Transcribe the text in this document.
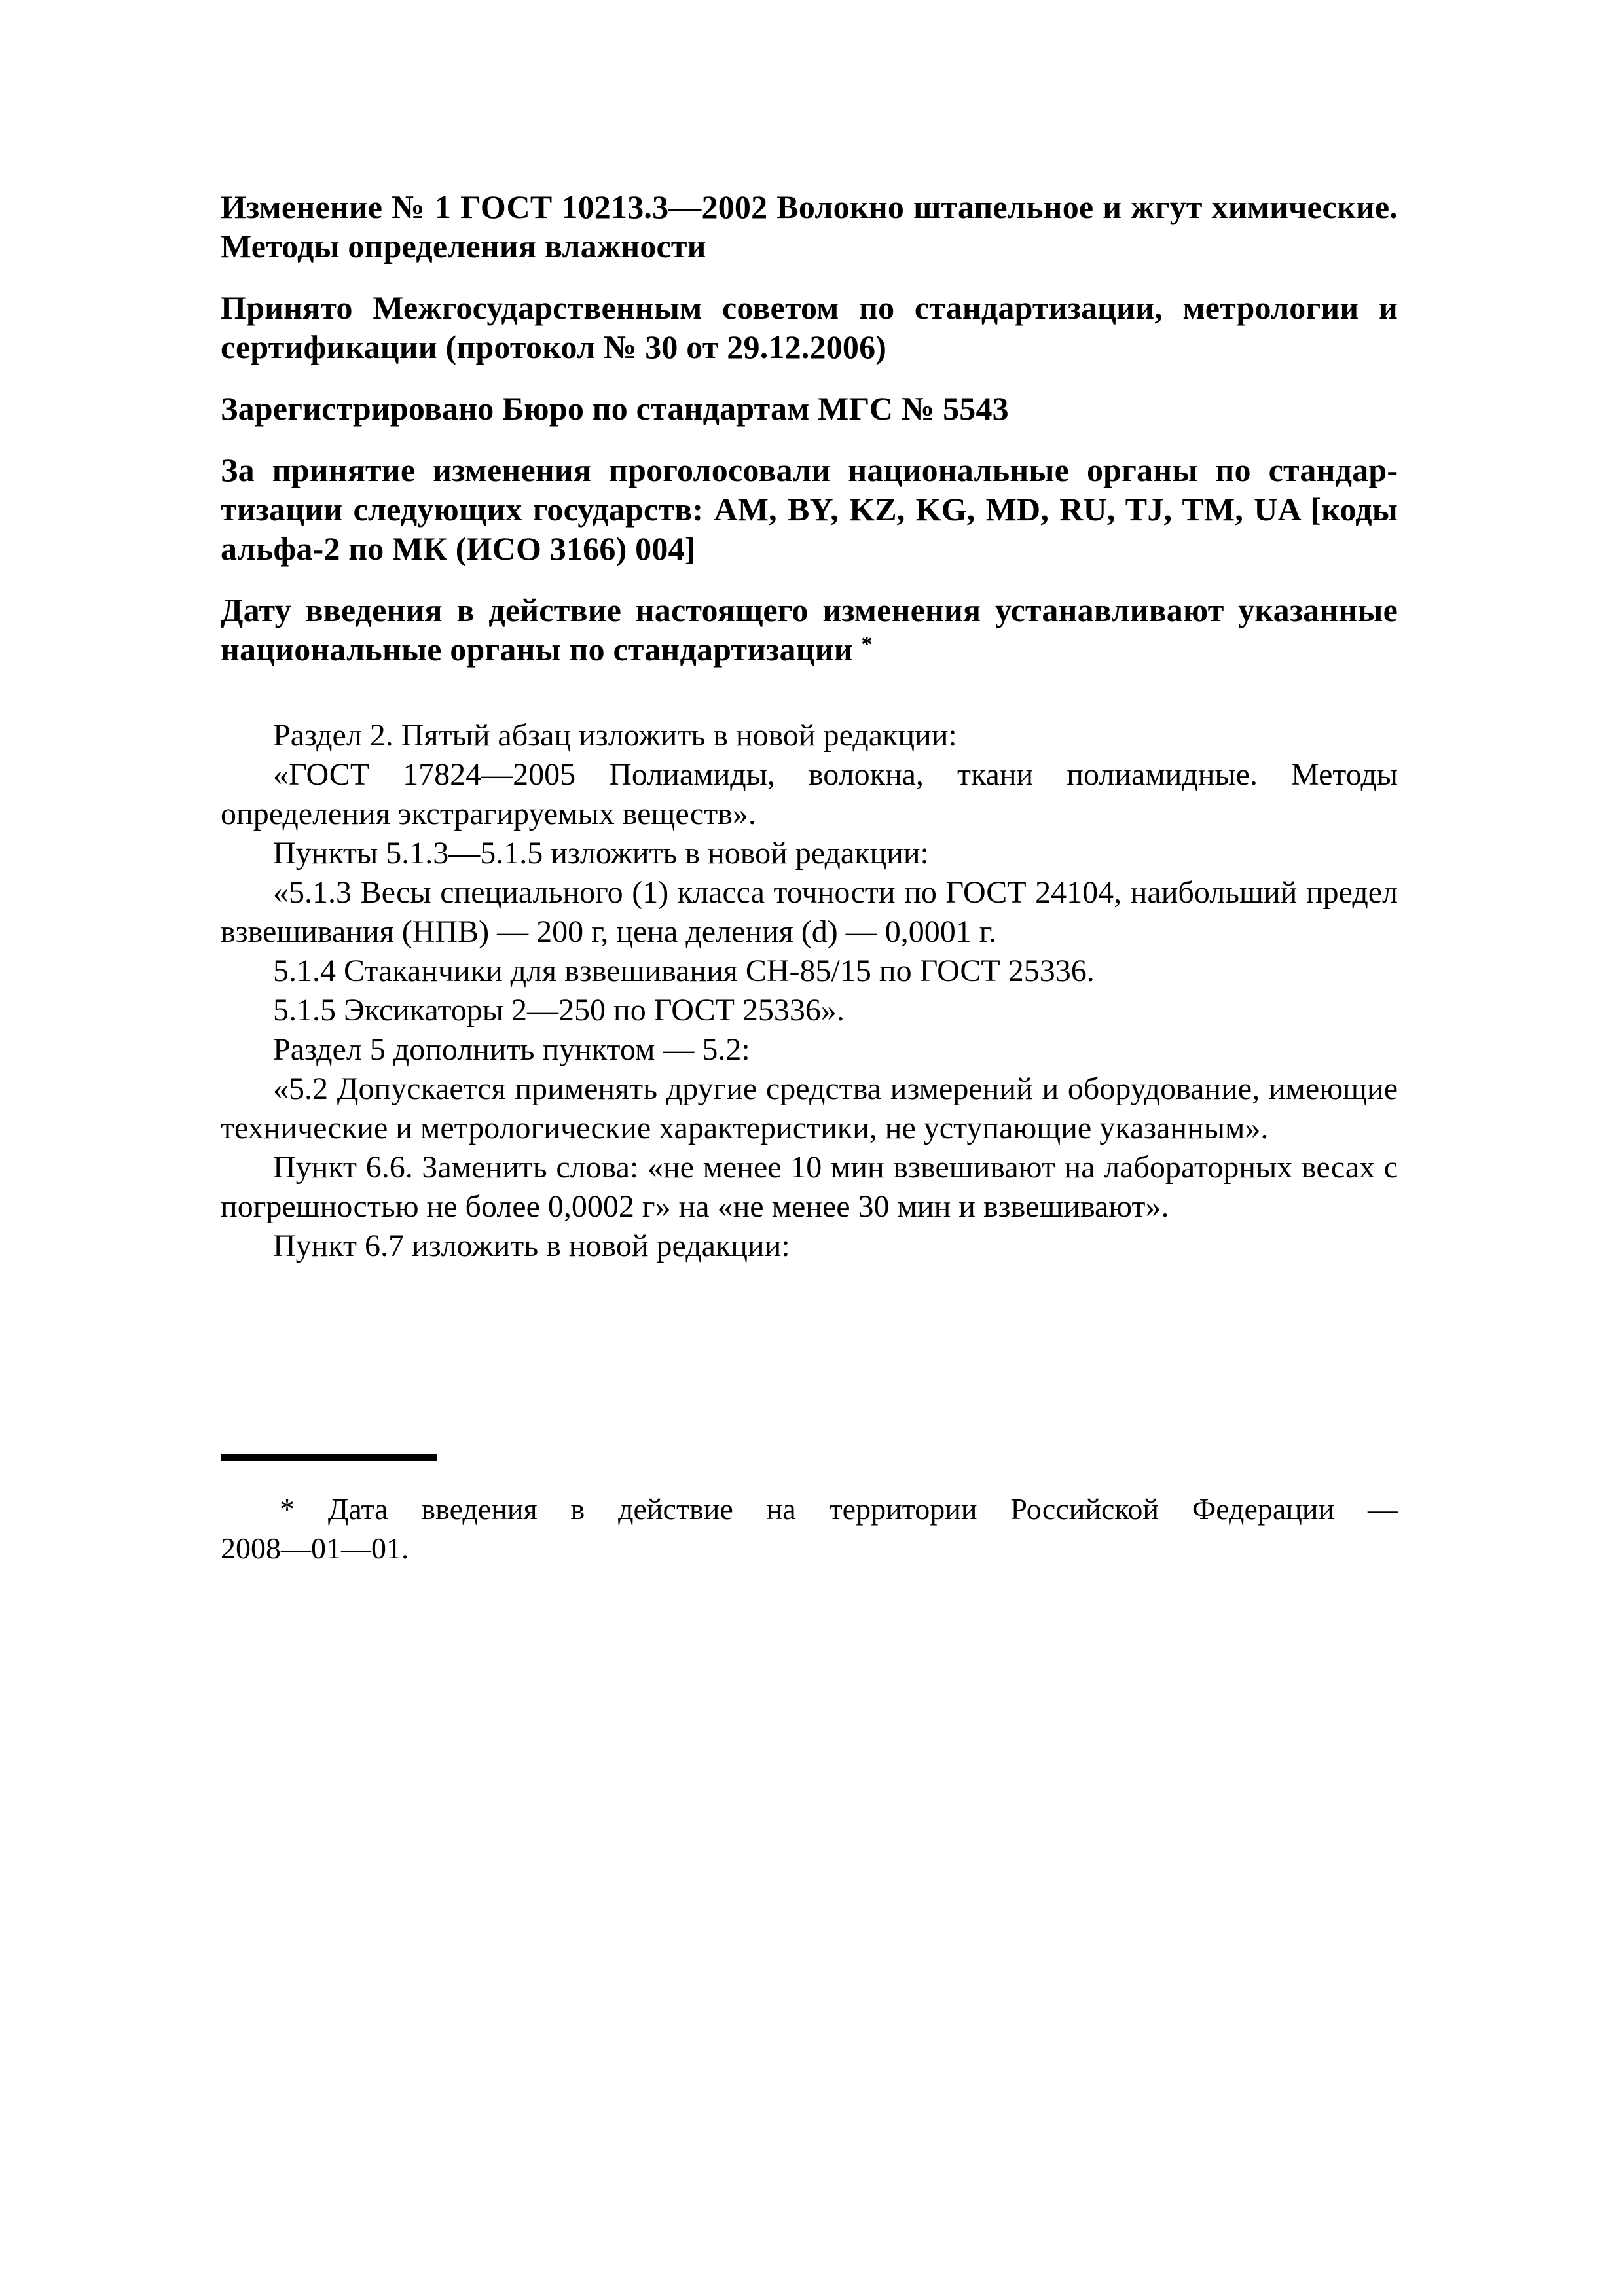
Изменение № 1 ГОСТ 10213.3—2002 Волокно штапельное и жгут химические. Методы определения влажности

Принято Межгосударственным советом по стандартизации, метрологии и сертификации (протокол № 30 от 29.12.2006)

Зарегистрировано Бюро по стандартам МГС № 5543

За принятие изменения проголосовали национальные органы по стандартизации следующих государств: AM, BY, KZ, KG, MD, RU, TJ, TM, UA [коды альфа-2 по МК (ИСО 3166) 004]

Дату введения в действие настоящего изменения устанавливают указанные национальные органы по стандартизации *

Раздел 2. Пятый абзац изложить в новой редакции:

«ГОСТ 17824—2005 Полиамиды, волокна, ткани полиамидные. Методы определения экстрагируемых веществ».

Пункты 5.1.3—5.1.5 изложить в новой редакции:

«5.1.3 Весы специального (1) класса точности по ГОСТ 24104, наибольший предел взвешивания (НПВ) — 200 г, цена деления (d) — 0,0001 г.

5.1.4 Стаканчики для взвешивания СН-85/15 по ГОСТ 25336.

5.1.5 Эксикаторы 2—250 по ГОСТ 25336».

Раздел 5 дополнить пунктом — 5.2:

«5.2 Допускается применять другие средства измерений и оборудование, имеющие технические и метрологические характеристики, не уступающие указанным».

Пункт 6.6. Заменить слова: «не менее 10 мин взвешивают на лабораторных весах с погрешностью не более 0,0002 г» на «не менее 30 мин и взвешивают».

Пункт 6.7 изложить в новой редакции:

* Дата введения в действие на территории Российской Федерации —

2008—01—01.
